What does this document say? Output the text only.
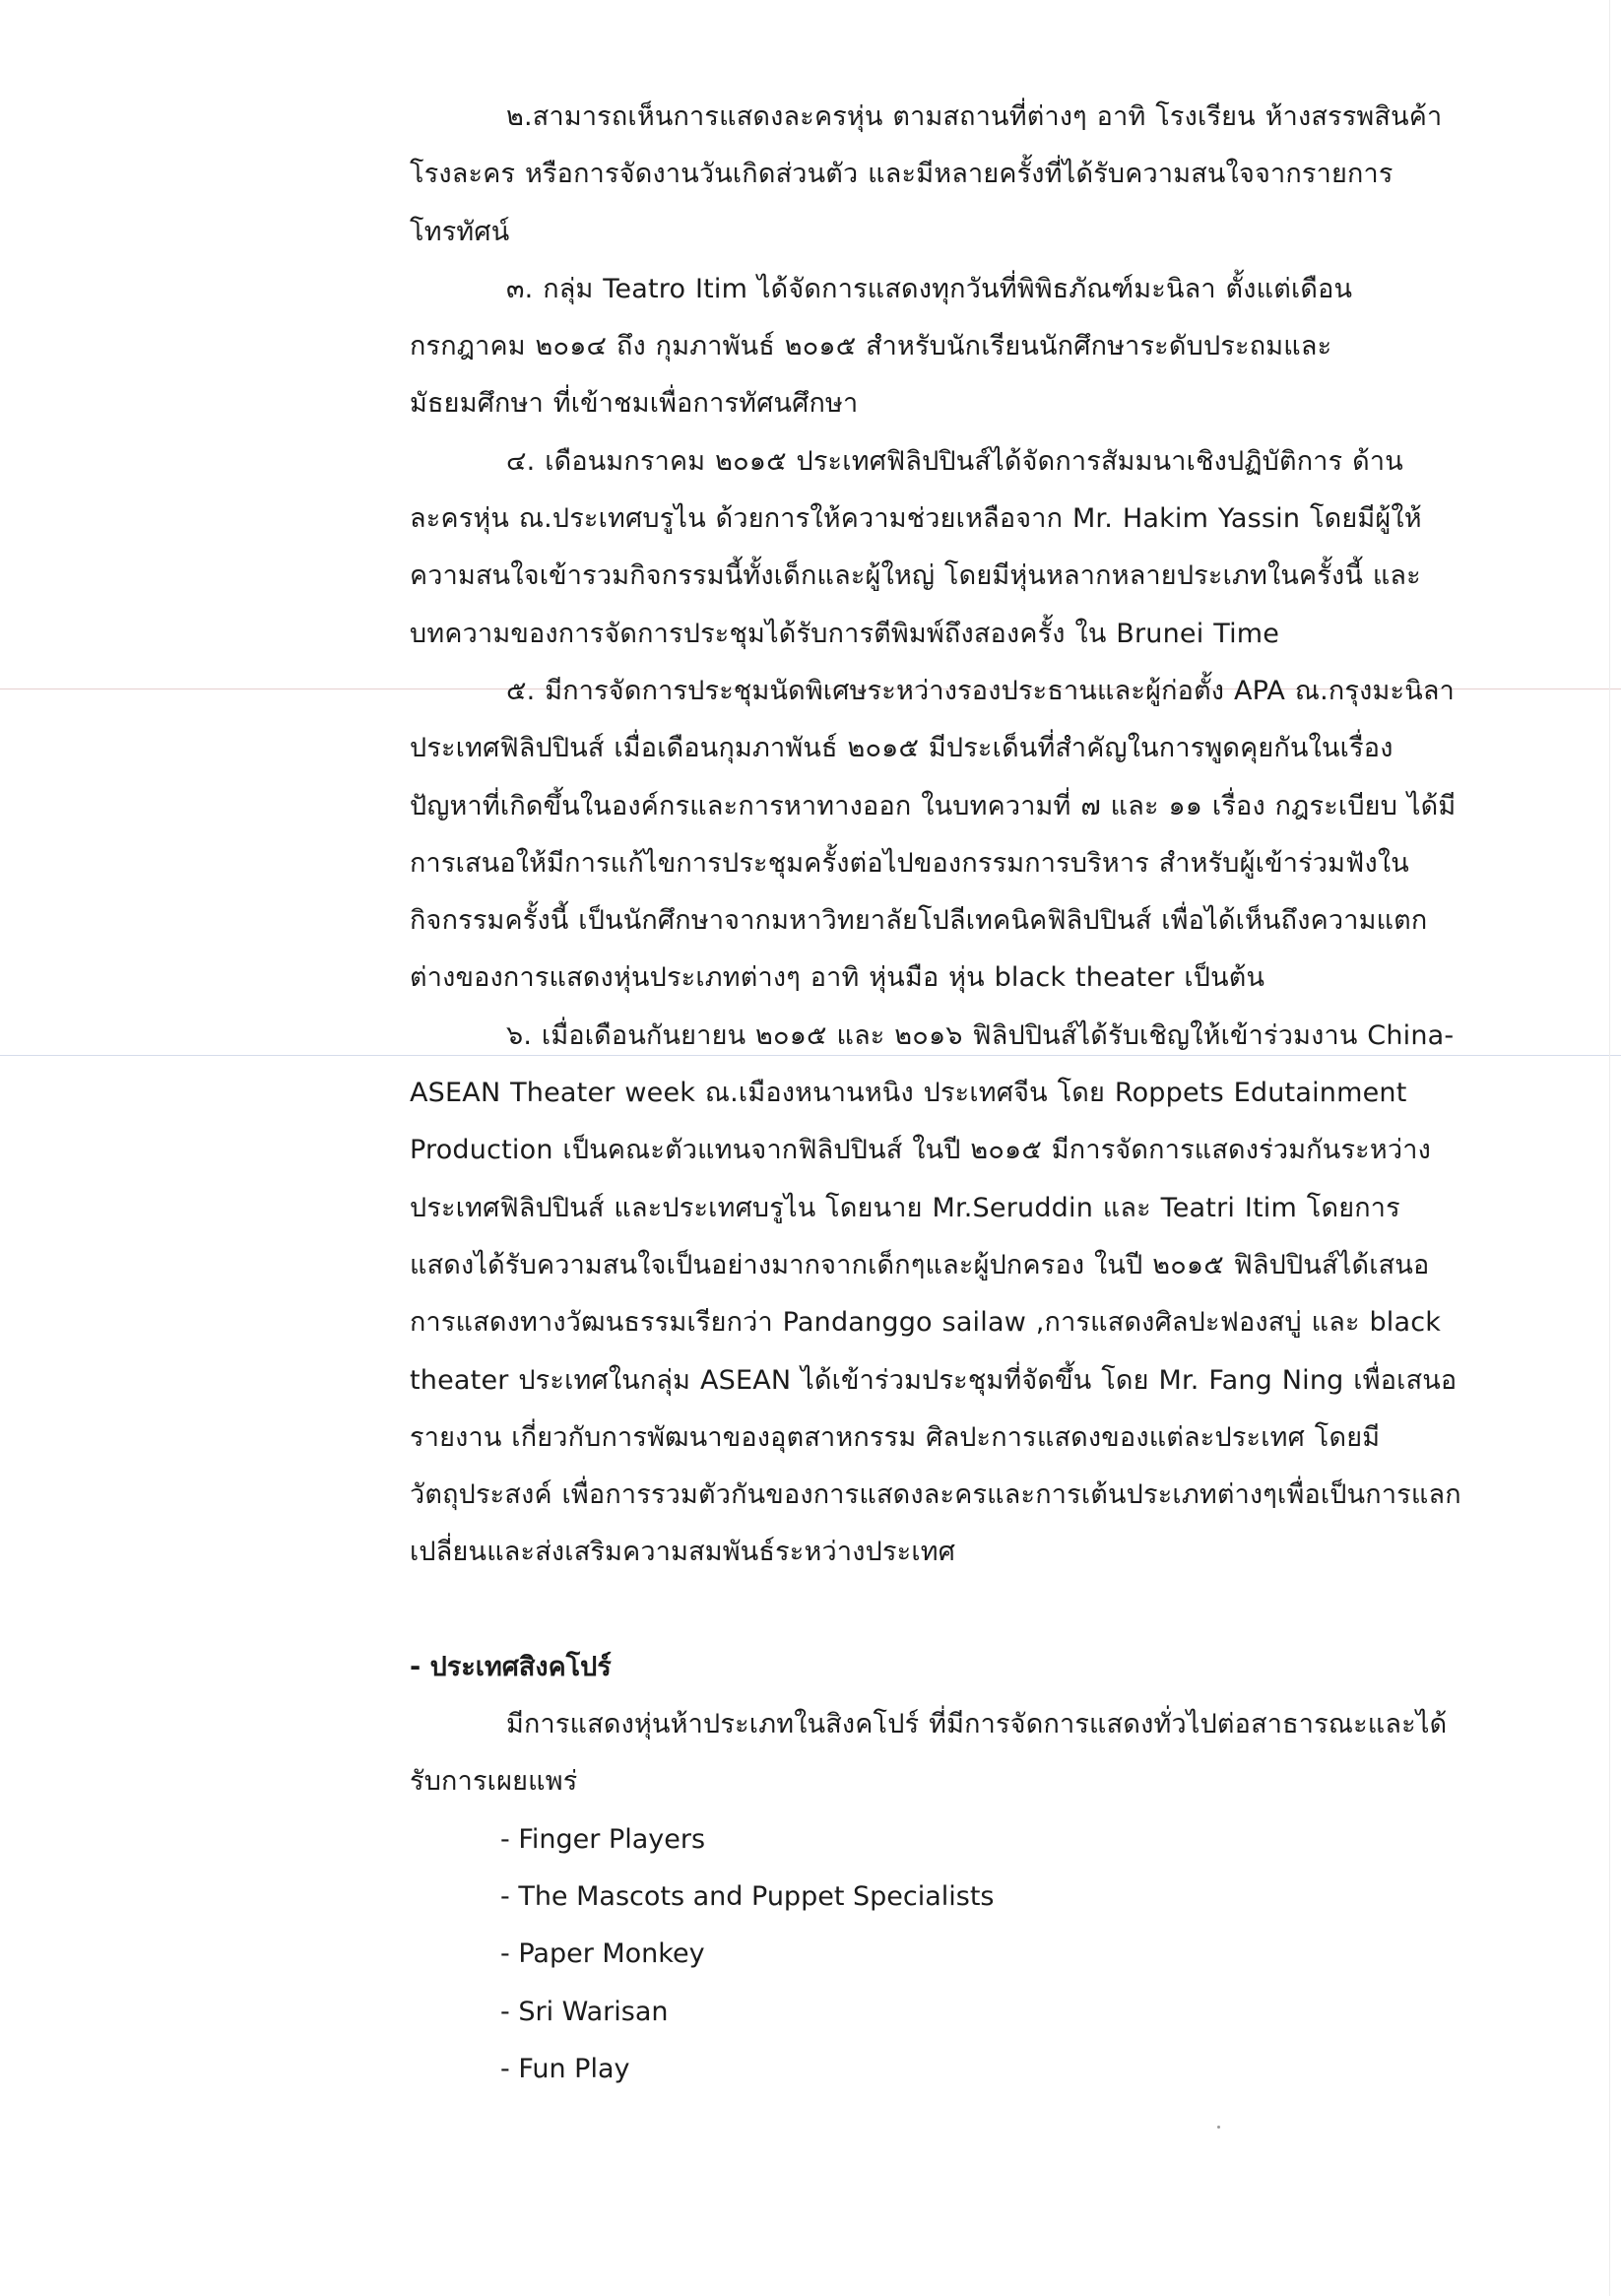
๒.สามารถเห็นการแสดงละครหุ่น ตามสถานที่ต่างๆ อาทิ โรงเรียน ห้างสรรพสินค้า โรงละคร หรือการจัดงานวันเกิดส่วนตัว และมีหลายครั้งที่ได้รับความสนใจจากรายการโทรทัศน์

๓. กลุ่ม Teatro Itim ได้จัดการแสดงทุกวันที่พิพิธภัณฑ์มะนิลา ตั้งแต่เดือน กรกฎาคม ๒๐๑๔ ถึง กุมภาพันธ์ ๒๐๑๕ สำหรับนักเรียนนักศึกษาระดับประถมและมัธยมศึกษา ที่เข้าชมเพื่อการทัศนศึกษา

๔. เดือนมกราคม ๒๐๑๕ ประเทศฟิลิปปินส์ได้จัดการสัมมนาเชิงปฏิบัติการ ด้านละครหุ่น ณ.ประเทศบรูไน ด้วยการให้ความช่วยเหลือจาก Mr. Hakim Yassin โดยมีผู้ให้ความสนใจเข้ารวมกิจกรรมนี้ทั้งเด็กและผู้ใหญ่ โดยมีหุ่นหลากหลายประเภทในครั้งนี้ และบทความของการจัดการประชุมได้รับการตีพิมพ์ถึงสองครั้ง ใน Brunei Time

๕. มีการจัดการประชุมนัดพิเศษระหว่างรองประธานและผู้ก่อตั้ง APA ณ.กรุงมะนิลา ประเทศฟิลิปปินส์ เมื่อเดือนกุมภาพันธ์ ๒๐๑๕ มีประเด็นที่สำคัญในการพูดคุยกันในเรื่อง ปัญหาที่เกิดขึ้นในองค์กรและการหาทางออก ในบทความที่ ๗ และ ๑๑ เรื่อง กฎระเบียบ ได้มีการเสนอให้มีการแก้ไขการประชุมครั้งต่อไปของกรรมการบริหาร สำหรับผู้เข้าร่วมฟังในกิจกรรมครั้งนี้ เป็นนักศึกษาจากมหาวิทยาลัยโปลีเทคนิคฟิลิปปินส์ เพื่อได้เห็นถึงความแตกต่างของการแสดงหุ่นประเภทต่างๆ อาทิ หุ่นมือ หุ่น black theater เป็นต้น

๖. เมื่อเดือนกันยายน ๒๐๑๕ และ ๒๐๑๖ ฟิลิปปินส์ได้รับเชิญให้เข้าร่วมงาน China-ASEAN Theater week ณ.เมืองหนานหนิง ประเทศจีน โดย Roppets Edutainment Production เป็นคณะตัวแทนจากฟิลิปปินส์ ในปี ๒๐๑๕ มีการจัดการแสดงร่วมกันระหว่างประเทศฟิลิปปินส์ และประเทศบรูไน โดยนาย Mr.Seruddin และ Teatri Itim โดยการแสดงได้รับความสนใจเป็นอย่างมากจากเด็กๆและผู้ปกครอง ในปี ๒๐๑๕ ฟิลิปปินส์ได้เสนอการแสดงทางวัฒนธรรมเรียกว่า Pandanggo sailaw ,การแสดงศิลปะฟองสบู่ และ black theater ประเทศในกลุ่ม ASEAN ได้เข้าร่วมประชุมที่จัดขึ้น โดย Mr. Fang Ning เพื่อเสนอรายงาน เกี่ยวกับการพัฒนาของอุตสาหกรรม ศิลปะการแสดงของแต่ละประเทศ โดยมีวัตถุประสงค์ เพื่อการรวมตัวกันของการแสดงละครและการเต้นประเภทต่างๆเพื่อเป็นการแลกเปลี่ยนและส่งเสริมความสมพันธ์ระหว่างประเทศ

- ประเทศสิงคโปร์

มีการแสดงหุ่นห้าประเภทในสิงคโปร์ ที่มีการจัดการแสดงทั่วไปต่อสาธารณะและได้รับการเผยแพร่

- Finger Players
- The Mascots and Puppet Specialists
- Paper Monkey
- Sri Warisan
- Fun Play
